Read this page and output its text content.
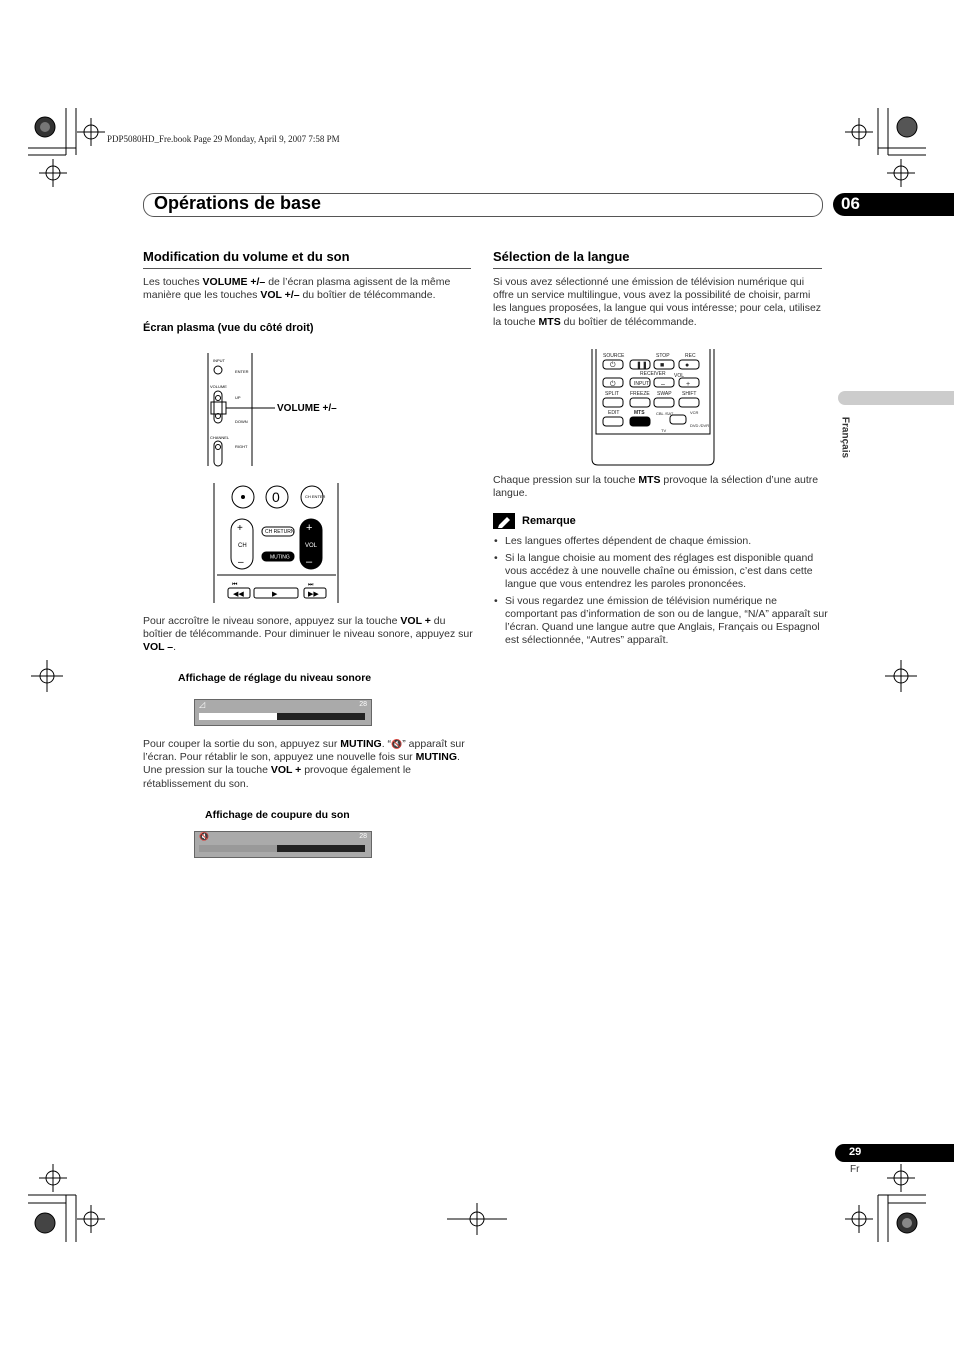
PDP5080HD_Fre.book Page 29 Monday, April 9, 2007 7:58 PM
Opérations de base	06
Français
Modification du volume et du son
Les touches VOLUME +/– de l’écran plasma agissent de la même manière que les touches VOL +/– du boîtier de télécommande.
Écran plasma (vue du côté droit)
INPUT
ENTER
VOLUME
UP
DOWN
CHANNEL
RIGHT
VOLUME +/–
0	CH ENTER
CH RETURN
MUTING
CH	VOL
+	+
–	–
⏮	⏭
◀◀	▶	▶▶
Pour accroître le niveau sonore, appuyez sur la touche VOL + du boîtier de télécommande. Pour diminuer le niveau sonore, appuyez sur VOL –.
Affichage de réglage du niveau sonore
◿	28
Pour couper la sortie du son, appuyez sur MUTING. “🔇” apparaît sur l’écran. Pour rétablir le son, appuyez une nouvelle fois sur MUTING. Une pression sur la touche VOL + provoque également le rétablissement du son.
Affichage de coupure du son
🔇	28
Sélection de la langue
Si vous avez sélectionné une émission de télévision numérique qui offre un service multilingue, vous avez la possibilité de choisir, parmi les langues proposées, la langue qui vous intéresse; pour cela, utilisez la touche MTS du boîtier de télécommande.
SOURCE	STOP	REC
RECEIVER VOL
INPUT
SPLIT FREEZE SWAP SHIFT
EDIT	MTS	CBL /SAT	VCR
DVD /DVR
TV
⏻	❚❚ ■	●
⏻	–	+
Chaque pression sur la touche MTS provoque la sélection d’une autre langue.
Remarque
• Les langues offertes dépendent de chaque émission.
• Si la langue choisie au moment des réglages est disponible quand vous accédez à une nouvelle chaîne ou émission, c’est dans cette langue que vous entendrez les paroles prononcées.
• Si vous regardez une émission de télévision numérique ne comportant pas d’information de son ou de langue, “N/A” apparaît sur l’écran. Quand une langue autre que Anglais, Français ou Espagnol est sélectionnée, “Autres” apparaît.
29
Fr
